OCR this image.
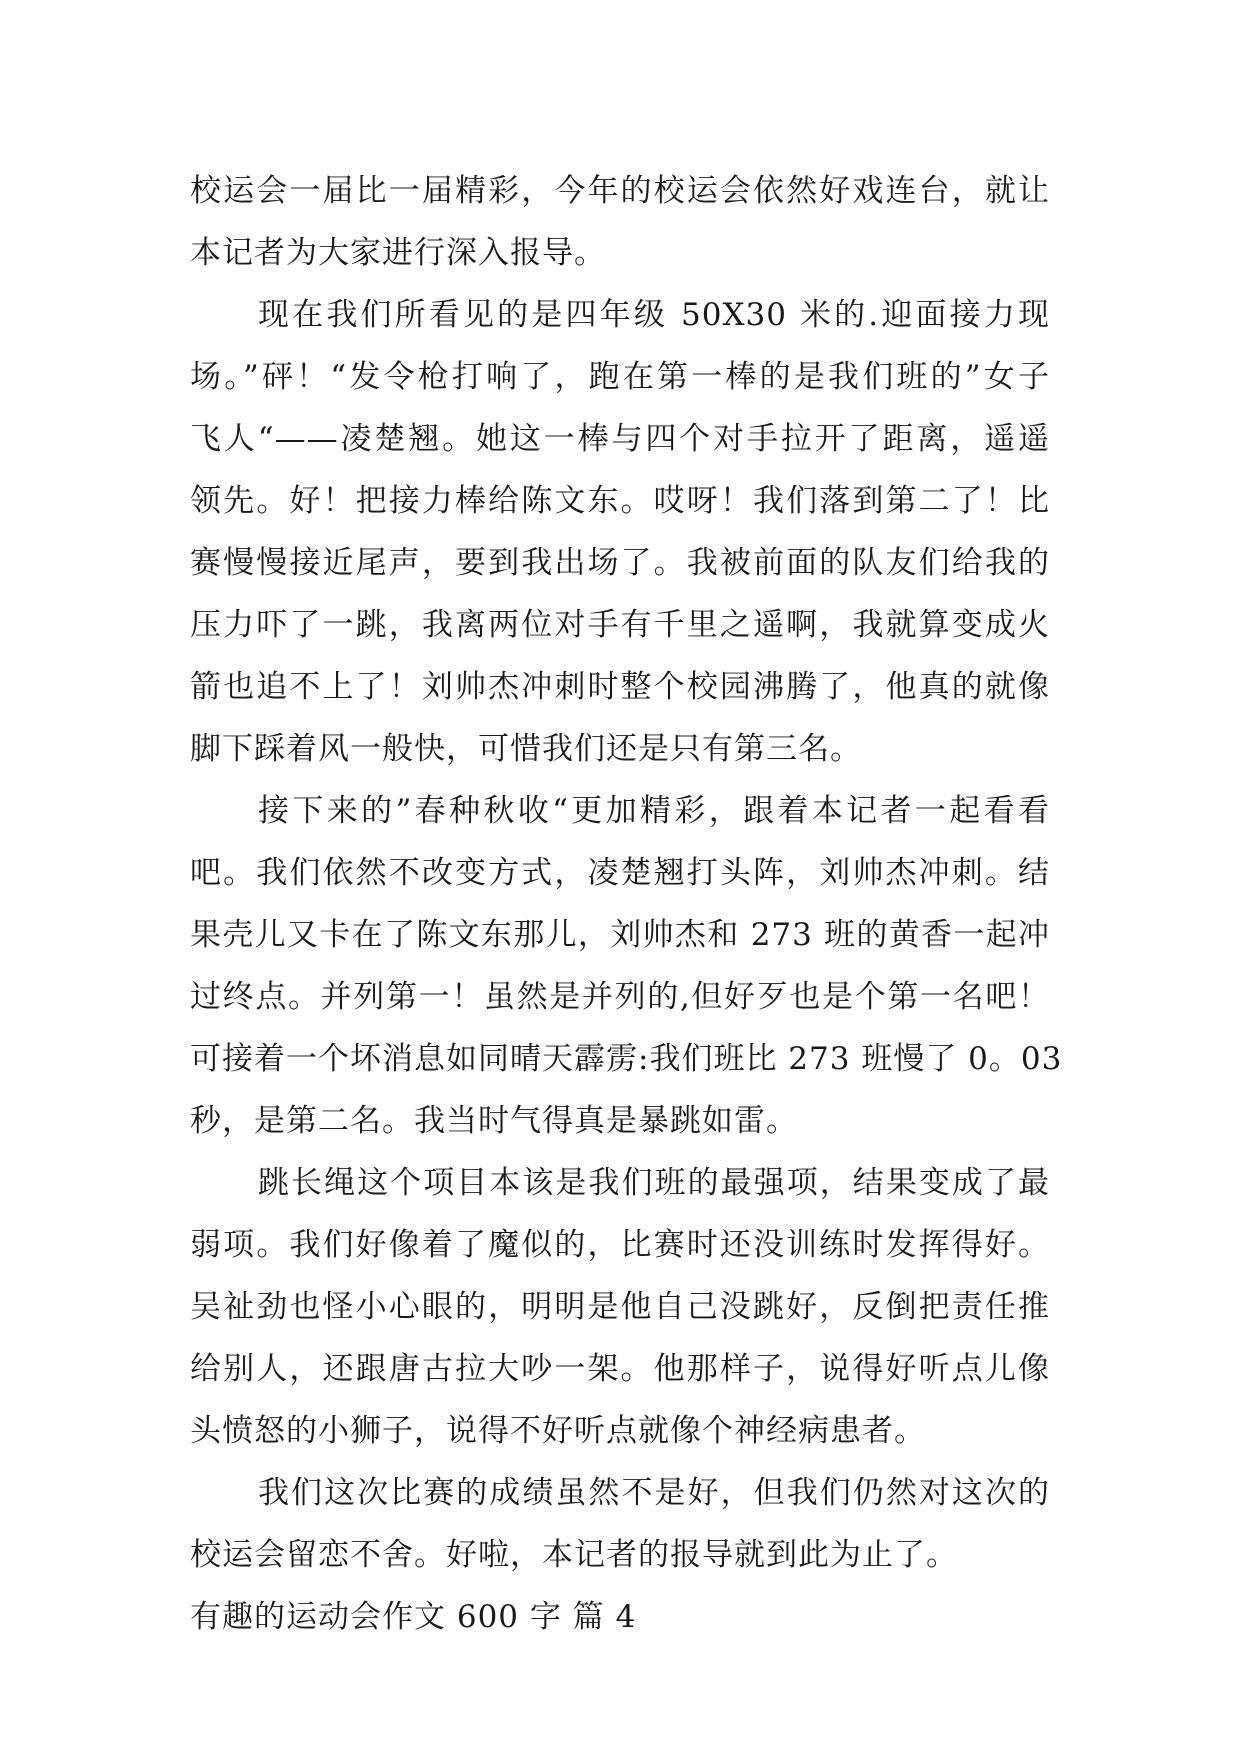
校运会一届比一届精彩，今年的校运会依然好戏连台，就让
本记者为大家进行深入报导。
现在我们所看见的是四年级 50X30 米的.迎面接力现
场。”砰！“发令枪打响了，跑在第一棒的是我们班的”女子
飞人“——凌楚翘。她这一棒与四个对手拉开了距离，遥遥
领先。好！把接力棒给陈文东。哎呀！我们落到第二了！比
赛慢慢接近尾声，要到我出场了。我被前面的队友们给我的
压力吓了一跳，我离两位对手有千里之遥啊，我就算变成火
箭也追不上了！刘帅杰冲刺时整个校园沸腾了，他真的就像
脚下踩着风一般快，可惜我们还是只有第三名。
接下来的”春种秋收“更加精彩，跟着本记者一起看看
吧。我们依然不改变方式，凌楚翘打头阵，刘帅杰冲刺。结
果壳儿又卡在了陈文东那儿，刘帅杰和 273 班的黄香一起冲
过终点。并列第一！虽然是并列的,但好歹也是个第一名吧！
可接着一个坏消息如同晴天霹雳:我们班比 273 班慢了 0。03
秒，是第二名。我当时气得真是暴跳如雷。
跳长绳这个项目本该是我们班的最强项，结果变成了最
弱项。我们好像着了魔似的，比赛时还没训练时发挥得好。
吴祉劲也怪小心眼的，明明是他自己没跳好，反倒把责任推
给别人，还跟唐古拉大吵一架。他那样子，说得好听点儿像
头愤怒的小狮子，说得不好听点就像个神经病患者。
我们这次比赛的成绩虽然不是好，但我们仍然对这次的
校运会留恋不舍。好啦，本记者的报导就到此为止了。
有趣的运动会作文 600 字 篇 4
